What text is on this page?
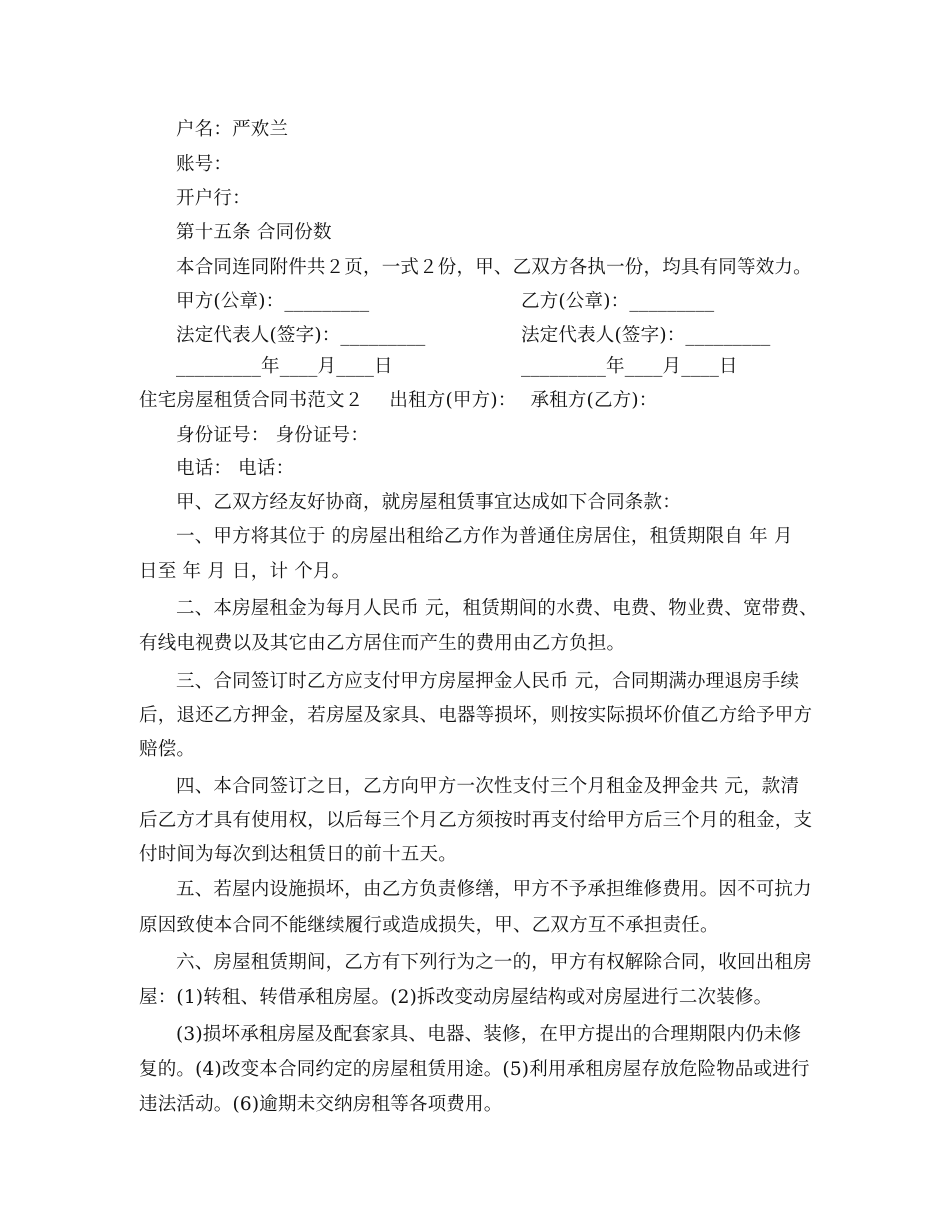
户名：严欢兰
账号：
开户行：
第十五条 合同份数
本合同连同附件共２页，一式２份，甲、乙双方各执一份，均具有同等效力。
甲方(公章)：_________	乙方(公章)：_________
法定代表人(签字)：_________	法定代表人(签字)：_________
_________年____月____日	_________年____月____日
住宅房屋租赁合同书范文２ 出租方(甲方)： 承租方(乙方)：
身份证号： 身份证号：
电话： 电话：
甲、乙双方经友好协商，就房屋租赁事宜达成如下合同条款：
一、甲方将其位于 的房屋出租给乙方作为普通住房居住，租赁期限自 年 月
日至 年 月 日，计 个月。
二、本房屋租金为每月人民币 元，租赁期间的水费、电费、物业费、宽带费、
有线电视费以及其它由乙方居住而产生的费用由乙方负担。
三、合同签订时乙方应支付甲方房屋押金人民币 元，合同期满办理退房手续
后，退还乙方押金，若房屋及家具、电器等损坏，则按实际损坏价值乙方给予甲方
赔偿。
四、本合同签订之日，乙方向甲方一次性支付三个月租金及押金共 元，款清
后乙方才具有使用权，以后每三个月乙方须按时再支付给甲方后三个月的租金，支
付时间为每次到达租赁日的前十五天。
五、若屋内设施损坏，由乙方负责修缮，甲方不予承担维修费用。因不可抗力
原因致使本合同不能继续履行或造成损失，甲、乙双方互不承担责任。
六、房屋租赁期间，乙方有下列行为之一的，甲方有权解除合同，收回出租房
屋：(1)转租、转借承租房屋。(2)拆改变动房屋结构或对房屋进行二次装修。
(3)损坏承租房屋及配套家具、电器、装修，在甲方提出的合理期限内仍未修
复的。(4)改变本合同约定的房屋租赁用途。(5)利用承租房屋存放危险物品或进行
违法活动。(6)逾期未交纳房租等各项费用。
